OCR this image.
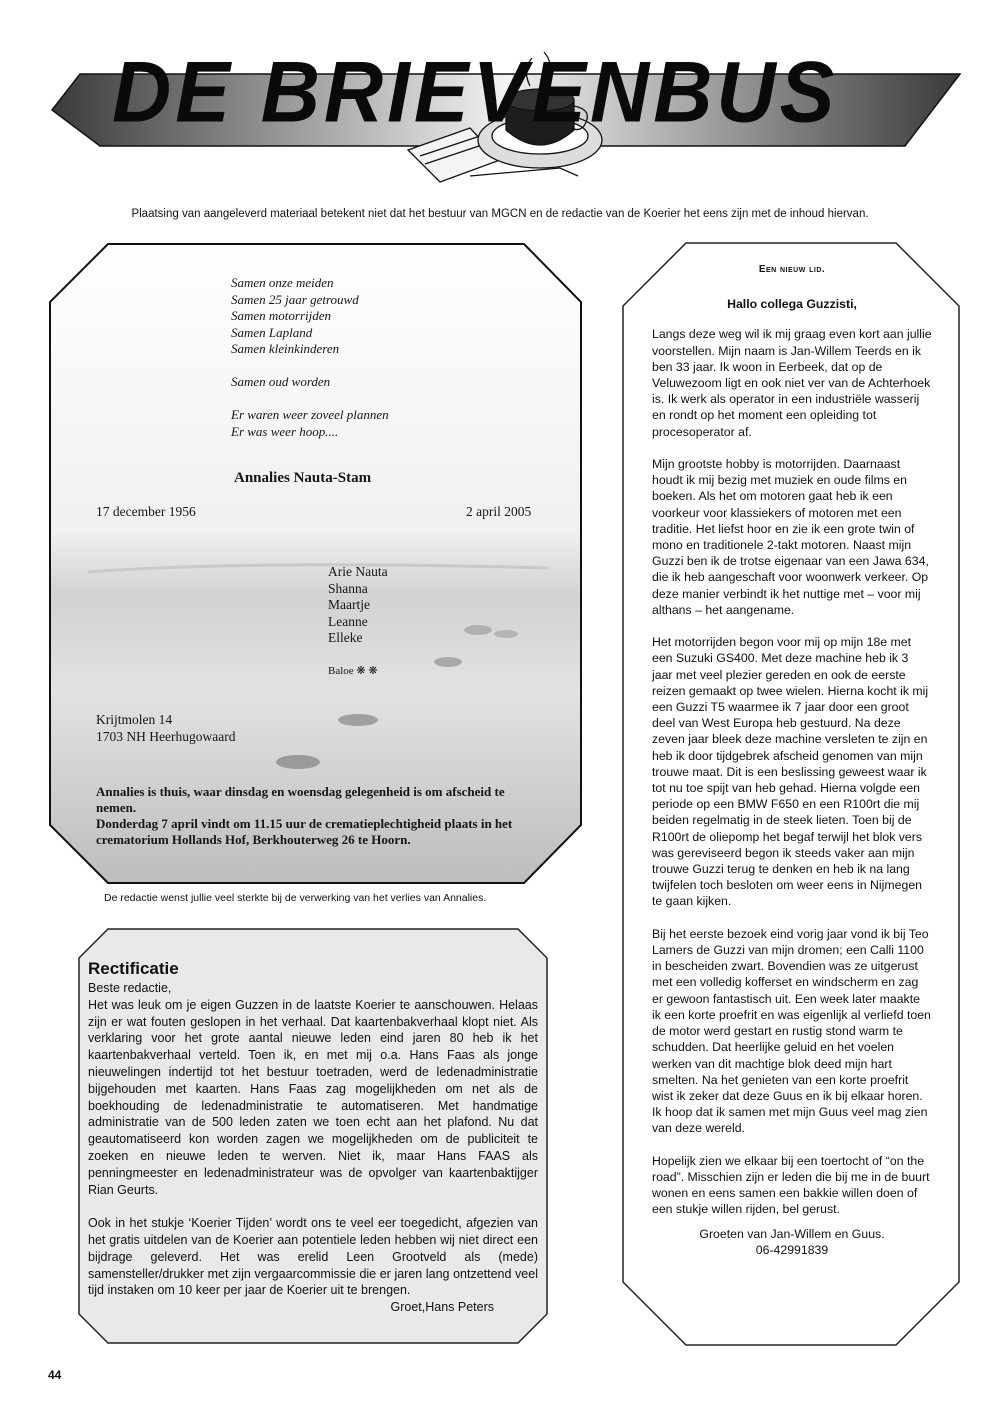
DE BRIEVENBUS
Plaatsing van aangeleverd materiaal betekent niet dat het bestuur van MGCN en de redactie van de Koerier het eens zijn met de inhoud hiervan.
Samen onze meiden
Samen 25 jaar getrouwd
Samen motorrijden
Samen Lapland
Samen kleinkinderen
Samen oud worden
Er waren weer zoveel plannen
Er was weer hoop....
Annalies Nauta-Stam
17 december 1956	2 april 2005
Arie Nauta
Shanna
Maartje
Leanne
Elleke
Baloe ❋ ❋
Krijtmolen 14
1703 NH Heerhugowaard
Annalies is thuis, waar dinsdag en woensdag gelegenheid is om afscheid te
nemen.
Donderdag 7 april vindt om 11.15 uur de crematieplechtigheid plaats in het
crematorium Hollands Hof, Berkhouterweg 26 te Hoorn.
De redactie wenst jullie veel sterkte bij de verwerking van het verlies van Annalies.
Rectificatie
Beste redactie,
Het was leuk om je eigen Guzzen in de laatste Koerier te aanschouwen. Helaas zijn er wat fouten geslopen in het verhaal. Dat kaartenbakverhaal klopt niet. Als verklaring voor het grote aantal nieuwe leden eind jaren 80 heb ik het kaartenbakverhaal verteld. Toen ik, en met mij o.a. Hans Faas als jonge nieuwelingen indertijd tot het bestuur toetraden, werd de ledenadministratie bijgehouden met kaarten. Hans Faas zag mogelijkheden om net als de boekhouding de ledenadministratie te automatiseren. Met handmatige administratie van de 500 leden zaten we toen echt aan het plafond. Nu dat geautomatiseerd kon worden zagen we mogelijkheden om de publiciteit te zoeken en nieuwe leden te werven. Niet ik, maar Hans FAAS als penningmeester en ledenadministrateur was de opvolger van kaartenbaktijger Rian Geurts.
Ook in het stukje ‘Koerier Tijden’ wordt ons te veel eer toegedicht, afgezien van het gratis uitdelen van de Koerier aan potentiele leden hebben wij niet direct een bijdrage geleverd. Het was erelid Leen Grootveld als (mede) samensteller/drukker met zijn vergaarcommissie die er jaren lang ontzettend veel tijd instaken om 10 keer per jaar de Koerier uit te brengen.
Groet,Hans Peters
Een nieuw lid.
Hallo collega Guzzisti,
Langs deze weg wil ik mij graag even kort aan jullie voorstellen. Mijn naam is Jan-Willem Teerds en ik ben 33 jaar. Ik woon in Eerbeek, dat op de Veluwezoom ligt en ook niet ver van de Achterhoek is. Ik werk als operator in een industriële wasserij en rondt op het moment een opleiding tot procesoperator af.
Mijn grootste hobby is motorrijden. Daarnaast houdt ik mij bezig met muziek en oude films en boeken. Als het om motoren gaat heb ik een voorkeur voor klassiekers of motoren met een traditie. Het liefst hoor en zie ik een grote twin of mono en traditionele 2-takt motoren. Naast mijn Guzzi ben ik de trotse eigenaar van een Jawa 634, die ik heb aangeschaft voor woonwerk verkeer. Op deze manier verbindt ik het nuttige met – voor mij althans – het aangename.
Het motorrijden begon voor mij op mijn 18e met een Suzuki GS400. Met deze machine heb ik 3 jaar met veel plezier gereden en ook de eerste reizen gemaakt op twee wielen. Hierna kocht ik mij een Guzzi T5 waarmee ik 7 jaar door een groot deel van West Europa heb gestuurd. Na deze zeven jaar bleek deze machine versleten te zijn en heb ik door tijdgebrek afscheid genomen van mijn trouwe maat. Dit is een beslissing geweest waar ik tot nu toe spijt van heb gehad. Hierna volgde een periode op een BMW F650 en een R100rt die mij beiden regelmatig in de steek lieten. Toen bij de R100rt de oliepomp het begaf terwijl het blok vers was gereviseerd begon ik steeds vaker aan mijn trouwe Guzzi terug te denken en heb ik na lang twijfelen toch besloten om weer eens in Nijmegen te gaan kijken.
Bij het eerste bezoek eind vorig jaar vond ik bij Teo Lamers de Guzzi van mijn dromen; een Calli 1100 in bescheiden zwart. Bovendien was ze uitgerust met een volledig kofferset en windscherm en zag er gewoon fantastisch uit. Een week later maakte ik een korte proefrit en was eigenlijk al verliefd toen de motor werd gestart en rustig stond warm te schudden. Dat heerlijke geluid en het voelen werken van dit machtige blok deed mijn hart smelten. Na het genieten van een korte proefrit wist ik zeker dat deze Guus en ik bij elkaar horen. Ik hoop dat ik samen met mijn Guus veel mag zien van deze wereld.
Hopelijk zien we elkaar bij een toertocht of “on the road”. Misschien zijn er leden die bij me in de buurt wonen en eens samen een bakkie willen doen of een stukje willen rijden, bel gerust.
Groeten van Jan-Willem en Guus.
06-42991839
44
